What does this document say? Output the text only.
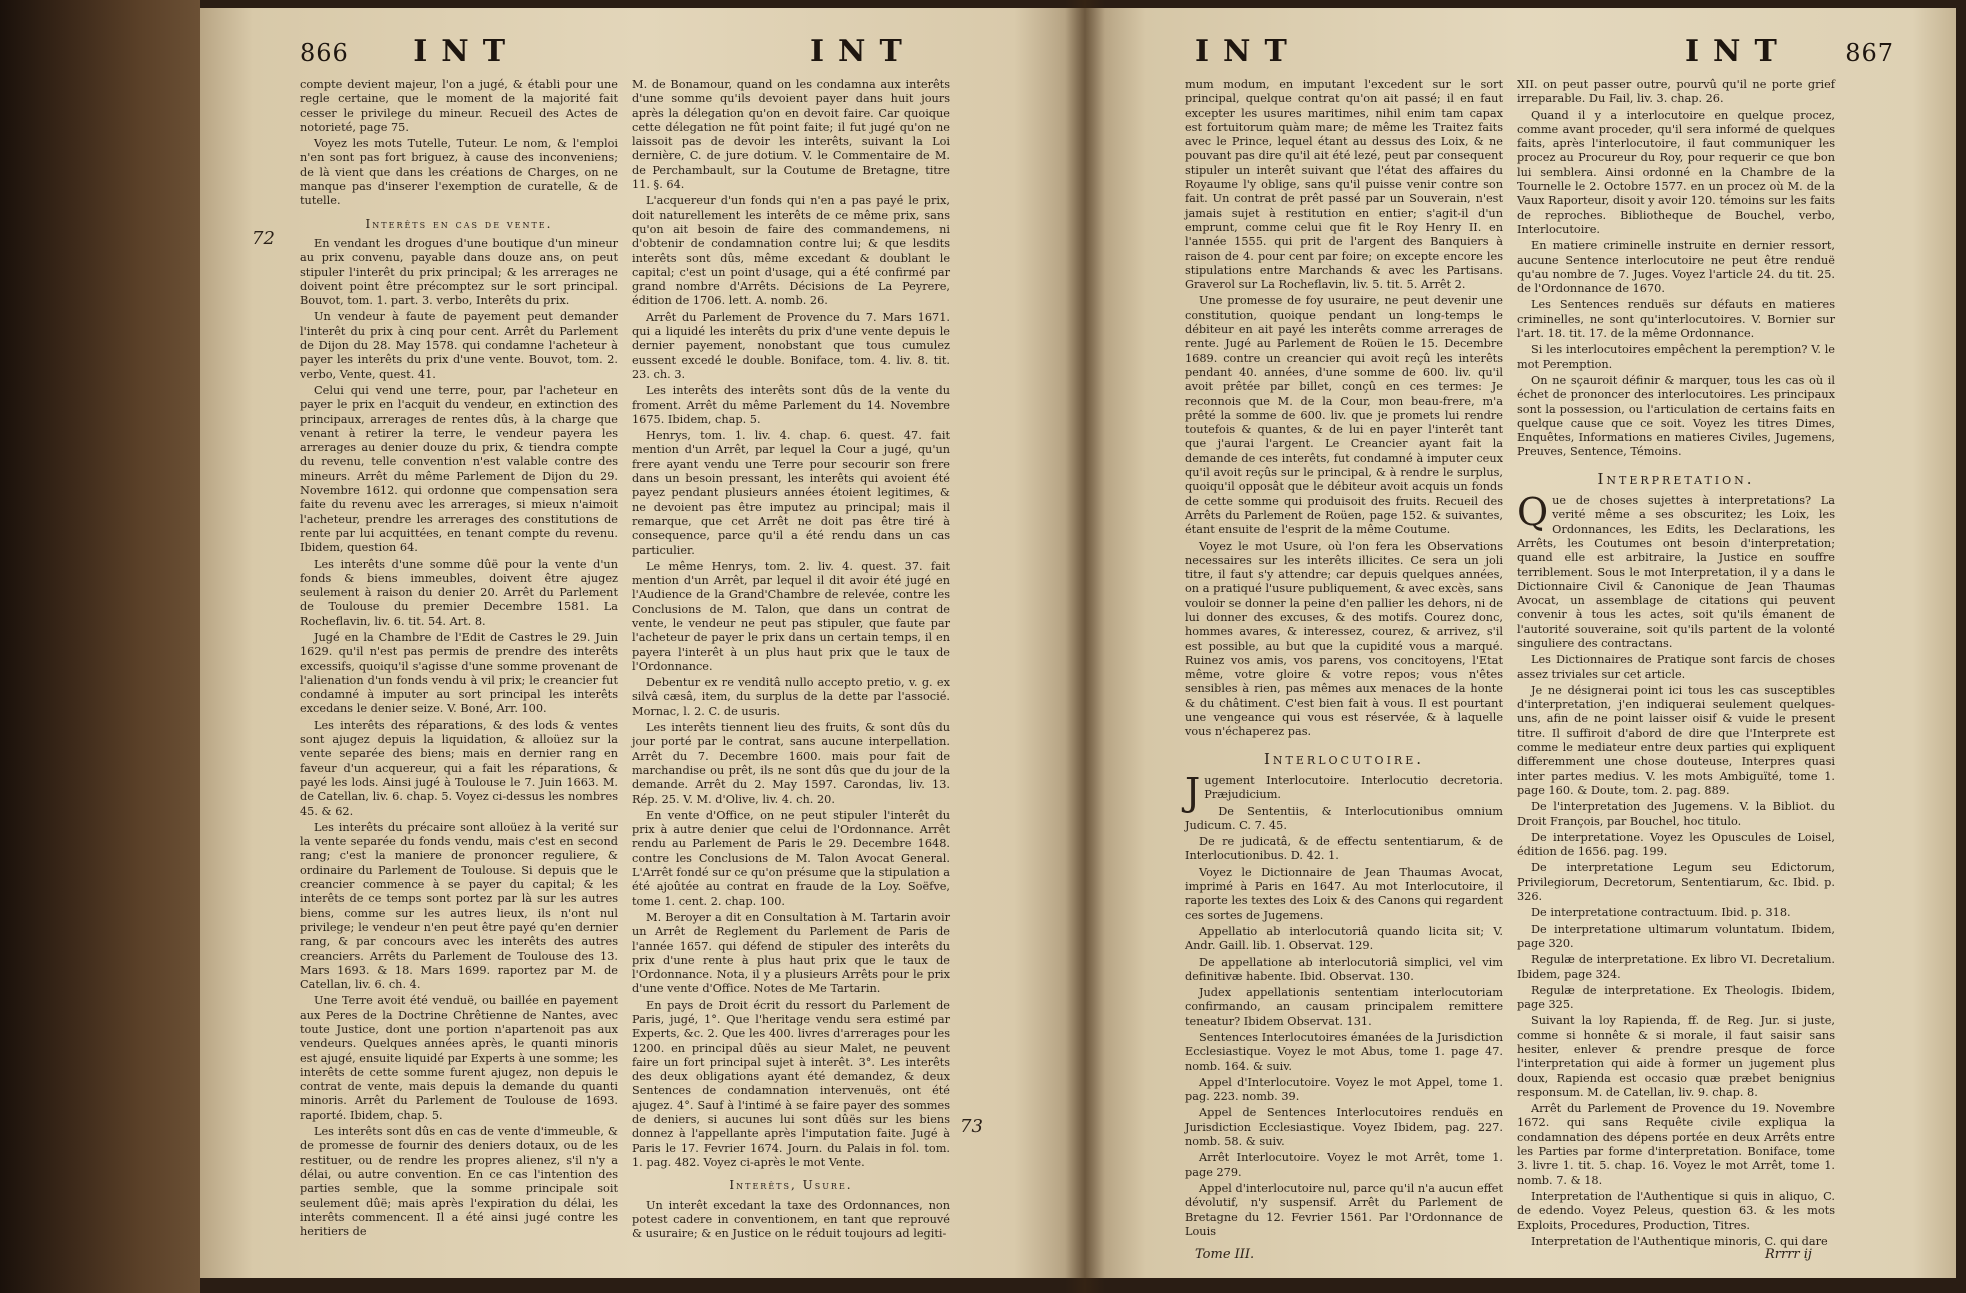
866 INT	INT
72
73

compte devient majeur, l'on a jugé, & établi pour une regle certaine, que le moment de la majorité fait cesser le privilege du mineur. Recueil des Actes de notorieté, page 75.

Voyez les mots Tutelle, Tuteur. Le nom, & l'emploi n'en sont pas fort briguez, à cause des inconveniens; de là vient que dans les créations de Charges, on ne manque pas d'inserer l'exemption de curatelle, & de tutelle.

Interêts en cas de vente.

En vendant les drogues d'une boutique d'un mineur au prix convenu, payable dans douze ans, on peut stipuler l'interêt du prix principal; & les arrerages ne doivent point être précomptez sur le sort principal. Bouvot, tom. 1. part. 3. verbo, Interêts du prix.

Un vendeur à faute de payement peut demander l'interêt du prix à cinq pour cent. Arrêt du Parlement de Dijon du 28. May 1578. qui condamne l'acheteur à payer les interêts du prix d'une vente. Bouvot, tom. 2. verbo, Vente, quest. 41.

Celui qui vend une terre, pour, par l'acheteur en payer le prix en l'acquit du vendeur, en extinction des principaux, arrerages de rentes dûs, à la charge que venant à retirer la terre, le vendeur payera les arrerages au denier douze du prix, & tiendra compte du revenu, telle convention n'est valable contre des mineurs. Arrêt du même Parlement de Dijon du 29. Novembre 1612. qui ordonne que compensation sera faite du revenu avec les arrerages, si mieux n'aimoit l'acheteur, prendre les arrerages des constitutions de rente par lui acquittées, en tenant compte du revenu. Ibidem, question 64.

Les interêts d'une somme dûë pour la vente d'un fonds & biens immeubles, doivent être ajugez seulement à raison du denier 20. Arrêt du Parlement de Toulouse du premier Decembre 1581. La Rocheflavin, liv. 6. tit. 54. Art. 8.

Jugé en la Chambre de l'Edit de Castres le 29. Juin 1629. qu'il n'est pas permis de prendre des interêts excessifs, quoiqu'il s'agisse d'une somme provenant de l'alienation d'un fonds vendu à vil prix; le creancier fut condamné à imputer au sort principal les interêts excedans le denier seize. V. Boné, Arr. 100.

Les interêts des réparations, & des lods & ventes sont ajugez depuis la liquidation, & alloüez sur la vente separée des biens; mais en dernier rang en faveur d'un acquereur, qui a fait les réparations, & payé les lods. Ainsi jugé à Toulouse le 7. Juin 1663. M. de Catellan, liv. 6. chap. 5. Voyez ci-dessus les nombres 45. & 62.

Les interêts du précaire sont alloüez à la verité sur la vente separée du fonds vendu, mais c'est en second rang; c'est la maniere de prononcer reguliere, & ordinaire du Parlement de Toulouse. Si depuis que le creancier commence à se payer du capital; & les interêts de ce temps sont portez par là sur les autres biens, comme sur les autres lieux, ils n'ont nul privilege; le vendeur n'en peut être payé qu'en dernier rang, & par concours avec les interêts des autres creanciers. Arrêts du Parlement de Toulouse des 13. Mars 1693. & 18. Mars 1699. raportez par M. de Catellan, liv. 6. ch. 4.

Une Terre avoit été venduë, ou baillée en payement aux Peres de la Doctrine Chrêtienne de Nantes, avec toute Justice, dont une portion n'apartenoit pas aux vendeurs. Quelques années après, le quanti minoris est ajugé, ensuite liquidé par Experts à une somme; les interêts de cette somme furent ajugez, non depuis le contrat de vente, mais depuis la demande du quanti minoris. Arrêt du Parlement de Toulouse de 1693. raporté. Ibidem, chap. 5.

Les interêts sont dûs en cas de vente d'immeuble, & de promesse de fournir des deniers dotaux, ou de les restituer, ou de rendre les propres alienez, s'il n'y a délai, ou autre convention. En ce cas l'intention des parties semble, que la somme principale soit seulement dûë; mais après l'expiration du délai, les interêts commencent. Il a été ainsi jugé contre les heritiers de

M. de Bonamour, quand on les condamna aux interêts d'une somme qu'ils devoient payer dans huit jours après la délegation qu'on en devoit faire. Car quoique cette délegation ne fût point faite; il fut jugé qu'on ne laissoit pas de devoir les interêts, suivant la Loi dernière, C. de jure dotium. V. le Commentaire de M. de Perchambault, sur la Coutume de Bretagne, titre 11. §. 64.

L'acquereur d'un fonds qui n'en a pas payé le prix, doit naturellement les interêts de ce même prix, sans qu'on ait besoin de faire des commandemens, ni d'obtenir de condamnation contre lui; & que lesdits interêts sont dûs, même excedant & doublant le capital; c'est un point d'usage, qui a été confirmé par grand nombre d'Arrêts. Décisions de La Peyrere, édition de 1706. lett. A. nomb. 26.

Arrêt du Parlement de Provence du 7. Mars 1671. qui a liquidé les interêts du prix d'une vente depuis le dernier payement, nonobstant que tous cumulez eussent excedé le double. Boniface, tom. 4. liv. 8. tit. 23. ch. 3.

Les interêts des interêts sont dûs de la vente du froment. Arrêt du même Parlement du 14. Novembre 1675. Ibidem, chap. 5.

Henrys, tom. 1. liv. 4. chap. 6. quest. 47. fait mention d'un Arrêt, par lequel la Cour a jugé, qu'un frere ayant vendu une Terre pour secourir son frere dans un besoin pressant, les interêts qui avoient été payez pendant plusieurs années étoient legitimes, & ne devoient pas être imputez au principal; mais il remarque, que cet Arrêt ne doit pas être tiré à consequence, parce qu'il a été rendu dans un cas particulier.

Le même Henrys, tom. 2. liv. 4. quest. 37. fait mention d'un Arrêt, par lequel il dit avoir été jugé en l'Audience de la Grand'Chambre de relevée, contre les Conclusions de M. Talon, que dans un contrat de vente, le vendeur ne peut pas stipuler, que faute par l'acheteur de payer le prix dans un certain temps, il en payera l'interêt à un plus haut prix que le taux de l'Ordonnance.

Debentur ex re venditâ nullo accepto pretio, v. g. ex silvâ cæsâ, item, du surplus de la dette par l'associé. Mornac, l. 2. C. de usuris.

Les interêts tiennent lieu des fruits, & sont dûs du jour porté par le contrat, sans aucune interpellation. Arrêt du 7. Decembre 1600. mais pour fait de marchandise ou prêt, ils ne sont dûs que du jour de la demande. Arrêt du 2. May 1597. Carondas, liv. 13. Rép. 25. V. M. d'Olive, liv. 4. ch. 20.

En vente d'Office, on ne peut stipuler l'interêt du prix à autre denier que celui de l'Ordonnance. Arrêt rendu au Parlement de Paris le 29. Decembre 1648. contre les Conclusions de M. Talon Avocat General. L'Arrêt fondé sur ce qu'on présume que la stipulation a été ajoûtée au contrat en fraude de la Loy. Soëfve, tome 1. cent. 2. chap. 100.

M. Beroyer a dit en Consultation à M. Tartarin avoir un Arrêt de Reglement du Parlement de Paris de l'année 1657. qui défend de stipuler des interêts du prix d'une rente à plus haut prix que le taux de l'Ordonnance. Nota, il y a plusieurs Arrêts pour le prix d'une vente d'Office. Notes de Me Tartarin.

En pays de Droit écrit du ressort du Parlement de Paris, jugé, 1°. Que l'heritage vendu sera estimé par Experts, &c. 2. Que les 400. livres d'arrerages pour les 1200. en principal dûës au sieur Malet, ne peuvent faire un fort principal sujet à interêt. 3°. Les interêts des deux obligations ayant été demandez, & deux Sentences de condamnation intervenuës, ont été ajugez. 4°. Sauf à l'intimé à se faire payer des sommes de deniers, si aucunes lui sont dûës sur les biens donnez à l'appellante après l'imputation faite. Jugé à Paris le 17. Fevrier 1674. Journ. du Palais in fol. tom. 1. pag. 482. Voyez ci-après le mot Vente.

Interêts, Usure.

Un interêt excedant la taxe des Ordonnances, non potest cadere in conventionem, en tant que reprouvé & usuraire; & en Justice on le réduit toujours ad legiti-

INT	INT 867

mum modum, en imputant l'excedent sur le sort principal, quelque contrat qu'on ait passé; il en faut excepter les usures maritimes, nihil enim tam capax est fortuitorum quàm mare; de même les Traitez faits avec le Prince, lequel étant au dessus des Loix, & ne pouvant pas dire qu'il ait été lezé, peut par consequent stipuler un interêt suivant que l'état des affaires du Royaume l'y oblige, sans qu'il puisse venir contre son fait. Un contrat de prêt passé par un Souverain, n'est jamais sujet à restitution en entier; s'agit-il d'un emprunt, comme celui que fit le Roy Henry II. en l'année 1555. qui prit de l'argent des Banquiers à raison de 4. pour cent par foire; on excepte encore les stipulations entre Marchands & avec les Partisans. Graverol sur La Rocheflavin, liv. 5. tit. 5. Arrêt 2.

Une promesse de foy usuraire, ne peut devenir une constitution, quoique pendant un long-temps le débiteur en ait payé les interêts comme arrerages de rente. Jugé au Parlement de Roüen le 15. Decembre 1689. contre un creancier qui avoit reçû les interêts pendant 40. années, d'une somme de 600. liv. qu'il avoit prêtée par billet, conçû en ces termes: Je reconnois que M. de la Cour, mon beau-frere, m'a prêté la somme de 600. liv. que je promets lui rendre toutefois & quantes, & de lui en payer l'interêt tant que j'aurai l'argent. Le Creancier ayant fait la demande de ces interêts, fut condamné à imputer ceux qu'il avoit reçûs sur le principal, & à rendre le surplus, quoiqu'il opposât que le débiteur avoit acquis un fonds de cette somme qui produisoit des fruits. Recueil des Arrêts du Parlement de Roüen, page 152. & suivantes, étant ensuite de l'esprit de la même Coutume.

Voyez le mot Usure, où l'on fera les Observations necessaires sur les interêts illicites. Ce sera un joli titre, il faut s'y attendre; car depuis quelques années, on a pratiqué l'usure publiquement, & avec excès, sans vouloir se donner la peine d'en pallier les dehors, ni de lui donner des excuses, & des motifs. Courez donc, hommes avares, & interessez, courez, & arrivez, s'il est possible, au but que la cupidité vous a marqué. Ruinez vos amis, vos parens, vos concitoyens, l'Etat même, votre gloire & votre repos; vous n'êtes sensibles à rien, pas mêmes aux menaces de la honte & du châtiment. C'est bien fait à vous. Il est pourtant une vengeance qui vous est réservée, & à laquelle vous n'échaperez pas.

Interlocutoire.

Jugement Interlocutoire. Interlocutio decretoria. Præjudicium.

De Sententiis, & Interlocutionibus omnium Judicum. C. 7. 45.

De re judicatâ, & de effectu sententiarum, & de Interlocutionibus. D. 42. 1.

Voyez le Dictionnaire de Jean Thaumas Avocat, imprimé à Paris en 1647. Au mot Interlocutoire, il raporte les textes des Loix & des Canons qui regardent ces sortes de Jugemens.

Appellatio ab interlocutoriâ quando licita sit; V. Andr. Gaill. lib. 1. Observat. 129.

De appellatione ab interlocutoriâ simplici, vel vim definitivæ habente. Ibid. Observat. 130.

Judex appellationis sententiam interlocutoriam confirmando, an causam principalem remittere teneatur? Ibidem Observat. 131.

Sentences Interlocutoires émanées de la Jurisdiction Ecclesiastique. Voyez le mot Abus, tome 1. page 47. nomb. 164. & suiv.

Appel d'Interlocutoire. Voyez le mot Appel, tome 1. pag. 223. nomb. 39.

Appel de Sentences Interlocutoires renduës en Jurisdiction Ecclesiastique. Voyez Ibidem, pag. 227. nomb. 58. & suiv.

Arrêt Interlocutoire. Voyez le mot Arrêt, tome 1. page 279.

Appel d'interlocutoire nul, parce qu'il n'a aucun effet dévolutif, n'y suspensif. Arrêt du Parlement de Bretagne du 12. Fevrier 1561. Par l'Ordonnance de Louis

XII. on peut passer outre, pourvû qu'il ne porte grief irreparable. Du Fail, liv. 3. chap. 26.

Quand il y a interlocutoire en quelque procez, comme avant proceder, qu'il sera informé de quelques faits, après l'interlocutoire, il faut communiquer les procez au Procureur du Roy, pour requerir ce que bon lui semblera. Ainsi ordonné en la Chambre de la Tournelle le 2. Octobre 1577. en un procez où M. de la Vaux Raporteur, disoit y avoir 120. témoins sur les faits de reproches. Bibliotheque de Bouchel, verbo, Interlocutoire.

En matiere criminelle instruite en dernier ressort, aucune Sentence interlocutoire ne peut être renduë qu'au nombre de 7. Juges. Voyez l'article 24. du tit. 25. de l'Ordonnance de 1670.

Les Sentences renduës sur défauts en matieres criminelles, ne sont qu'interlocutoires. V. Bornier sur l'art. 18. tit. 17. de la même Ordonnance.

Si les interlocutoires empêchent la peremption? V. le mot Peremption.

On ne sçauroit définir & marquer, tous les cas où il échet de prononcer des interlocutoires. Les principaux sont la possession, ou l'articulation de certains faits en quelque cause que ce soit. Voyez les titres Dimes, Enquêtes, Informations en matieres Civiles, Jugemens, Preuves, Sentence, Témoins.

Interpretation.

Que de choses sujettes à interpretations? La verité même a ses obscuritez; les Loix, les Ordonnances, les Edits, les Declarations, les Arrêts, les Coutumes ont besoin d'interpretation; quand elle est arbitraire, la Justice en souffre terriblement. Sous le mot Interpretation, il y a dans le Dictionnaire Civil & Canonique de Jean Thaumas Avocat, un assemblage de citations qui peuvent convenir à tous les actes, soit qu'ils émanent de l'autorité souveraine, soit qu'ils partent de la volonté singuliere des contractans.

Les Dictionnaires de Pratique sont farcis de choses assez triviales sur cet article.

Je ne désignerai point ici tous les cas susceptibles d'interpretation, j'en indiquerai seulement quelques-uns, afin de ne point laisser oisif & vuide le present titre. Il suffiroit d'abord de dire que l'Interprete est comme le mediateur entre deux parties qui expliquent differemment une chose douteuse, Interpres quasi inter partes medius. V. les mots Ambiguïté, tome 1. page 160. & Doute, tom. 2. pag. 889.

De l'interpretation des Jugemens. V. la Bibliot. du Droit François, par Bouchel, hoc titulo.

De interpretatione. Voyez les Opuscules de Loisel, édition de 1656. pag. 199.

De interpretatione Legum seu Edictorum, Privilegiorum, Decretorum, Sententiarum, &c. Ibid. p. 326.

De interpretatione contractuum. Ibid. p. 318.

De interpretatione ultimarum voluntatum. Ibidem, page 320.

Regulæ de interpretatione. Ex libro VI. Decretalium. Ibidem, page 324.

Regulæ de interpretatione. Ex Theologis. Ibidem, page 325.

Suivant la loy Rapienda, ff. de Reg. Jur. si juste, comme si honnête & si morale, il faut saisir sans hesiter, enlever & prendre presque de force l'interpretation qui aide à former un jugement plus doux, Rapienda est occasio quæ præbet benignius responsum. M. de Catellan, liv. 9. chap. 8.

Arrêt du Parlement de Provence du 19. Novembre 1672. qui sans Requête civile expliqua la condamnation des dépens portée en deux Arrêts entre les Parties par forme d'interpretation. Boniface, tome 3. livre 1. tit. 5. chap. 16. Voyez le mot Arrêt, tome 1. nomb. 7. & 18.

Interpretation de l'Authentique si quis in aliquo, C. de edendo. Voyez Peleus, question 63. & les mots Exploits, Procedures, Production, Titres.

Interpretation de l'Authentique minoris, C. qui dare

Tome III.	Rrrrr ij
